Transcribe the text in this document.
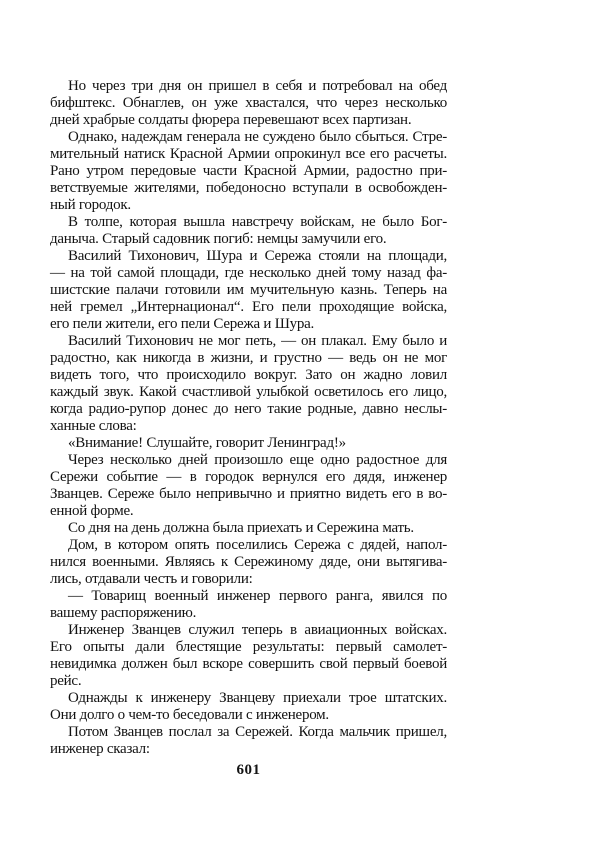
Но через три дня он пришел в себя и потребовал на обед
бифштекс. Обнаглев, он уже хвастался, что через несколько
дней храбрые солдаты фюрера перевешают всех партизан.
Однако, надеждам генерала не суждено было сбыться. Стре-
мительный натиск Красной Армии опрокинул все его расчеты.
Рано утром передовые части Красной Армии, радостно при-
ветствуемые жителями, победоносно вступали в освобожден-
ный городок.
В толпе, которая вышла навстречу войскам, не было Бог-
даныча. Старый садовник погиб: немцы замучили его.
Василий Тихонович, Шура и Сережа стояли на площади,
— на той самой площади, где несколько дней тому назад фа-
шистские палачи готовили им мучительную казнь. Теперь на
ней гремел „Интернационал“. Его пели проходящие войска,
его пели жители, его пели Сережа и Шура.
Василий Тихонович не мог петь, — он плакал. Ему было и
радостно, как никогда в жизни, и грустно — ведь он не мог
видеть того, что происходило вокруг. Зато он жадно ловил
каждый звук. Какой счастливой улыбкой осветилось его лицо,
когда радио-рупор донес до него такие родные, давно неслы-
ханные слова:
«Внимание! Слушайте, говорит Ленинград!»
Через несколько дней произошло еще одно радостное для
Сережи событие — в городок вернулся его дядя, инженер
Званцев. Сереже было непривычно и приятно видеть его в во-
енной форме.
Со дня на день должна была приехать и Сережина мать.
Дом, в котором опять поселились Сережа с дядей, напол-
нился военными. Являясь к Сережиному дяде, они вытягива-
лись, отдавали честь и говорили:
— Товарищ военный инженер первого ранга, явился по
вашему распоряжению.
Инженер Званцев служил теперь в авиационных войсках.
Его опыты дали блестящие результаты: первый самолет-
невидимка должен был вскоре совершить свой первый боевой
рейс.
Однажды к инженеру Званцеву приехали трое штатских.
Они долго о чем-то беседовали с инженером.
Потом Званцев послал за Сережей. Когда мальчик пришел,
инженер сказал:
601
